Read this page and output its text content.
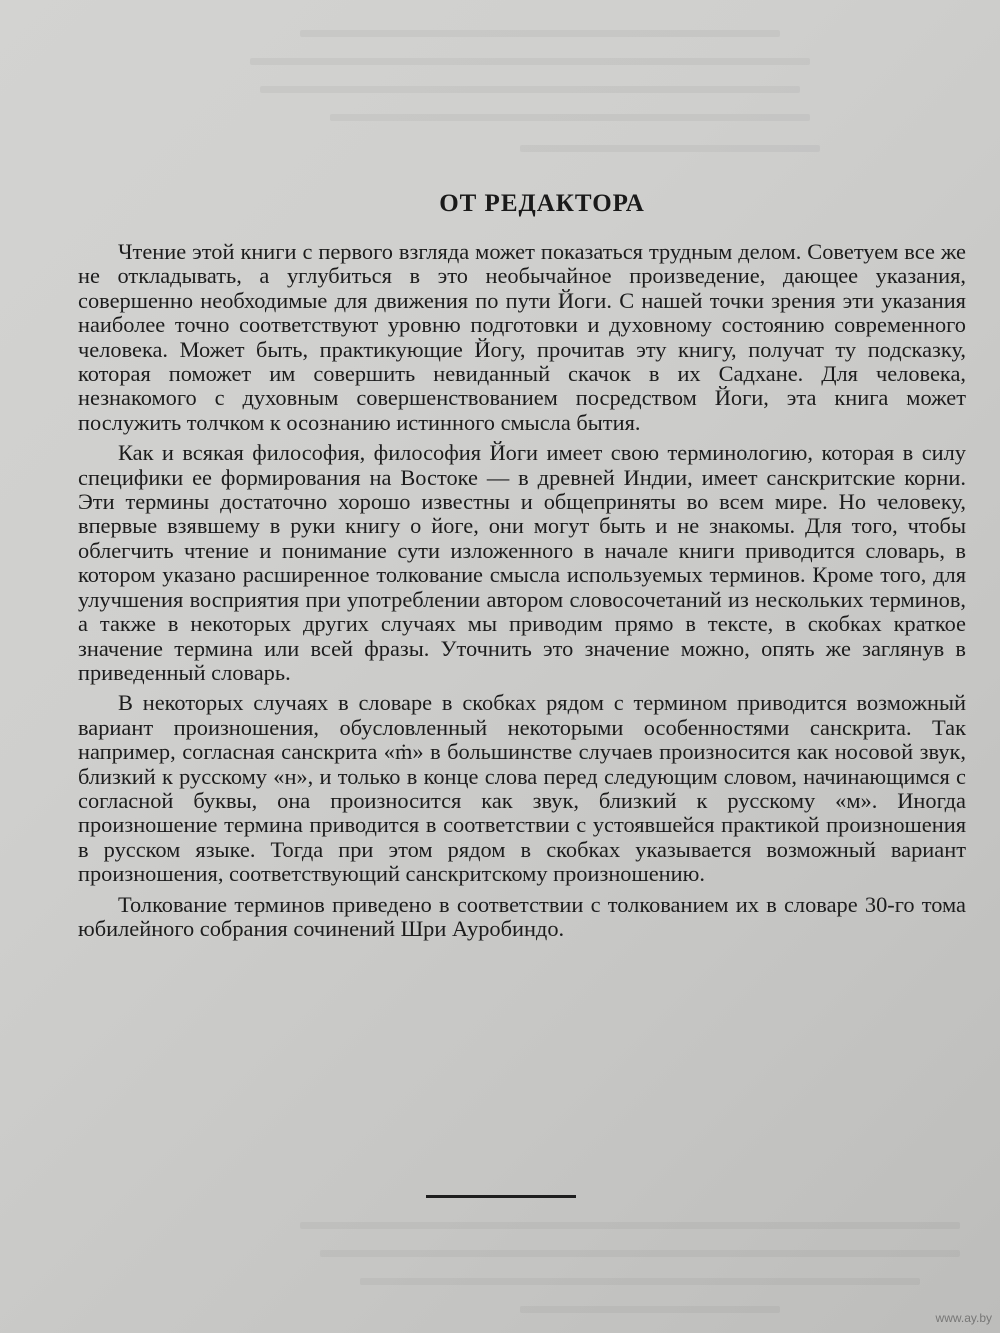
ОТ РЕДАКТОРА

Чтение этой книги с первого взгляда может показаться трудным делом. Советуем все же не откладывать, а углубиться в это необычайное произведение, дающее указания, совершенно необходимые для движения по пути Йоги. С нашей точки зрения эти указания наиболее точно соответствуют уровню подготовки и духовному состоянию современного человека. Может быть, практикующие Йогу, прочитав эту книгу, получат ту подсказку, которая поможет им совершить невиданный скачок в их Садхане. Для человека, незнакомого с духовным совершенствованием посредством Йоги, эта книга может послужить толчком к осознанию истинного смысла бытия.

Как и всякая философия, философия Йоги имеет свою терминологию, которая в силу специфики ее формирования на Востоке — в древней Индии, имеет санскритские корни. Эти термины достаточно хорошо известны и общеприняты во всем мире. Но человеку, впервые взявшему в руки книгу о йоге, они могут быть и не знакомы. Для того, чтобы облегчить чтение и понимание сути изложенного в начале книги приводится словарь, в котором указано расширенное толкование смысла используемых терминов. Кроме того, для улучшения восприятия при употреблении автором словосочетаний из нескольких терминов, а также в некоторых других случаях мы приводим прямо в тексте, в скобках краткое значение термина или всей фразы. Уточнить это значение можно, опять же заглянув в приведенный словарь.

В некоторых случаях в словаре в скобках рядом с термином приводится возможный вариант произношения, обусловленный некоторыми особенностями санскрита. Так например, согласная санскрита «ṁ» в большинстве случаев произносится как носовой звук, близкий к русскому «н», и только в конце слова перед следующим словом, начинающимся с согласной буквы, она произносится как звук, близкий к русскому «м». Иногда произношение термина приводится в соответствии с устоявшейся практикой произношения в русском языке. Тогда при этом рядом в скобках указывается возможный вариант произношения, соответствующий санскритскому произношению.

Толкование терминов приведено в соответствии с толкованием их в словаре 30-го тома юбилейного собрания сочинений Шри Ауробиндо.

www.ay.by
